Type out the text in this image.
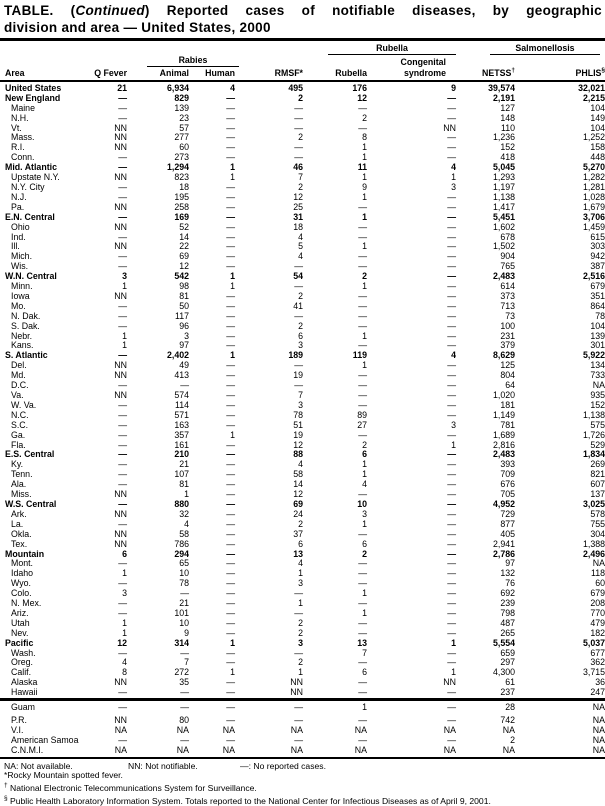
TABLE. (Continued) Reported cases of notifiable diseases, by geographic
division and area — United States, 2000
Area	Q Fever			RMSF*	Rubella		Salmonellosis	

		Rabies				Congenital		
		Animal	Human		Rubella	syndrome	NETSS†	PHLIS§
United States	21	6,934	4	495	176	9	39,574	32,021
New England	—	829	—	2	12	—	2,191	2,215
Maine	—	139	—	—	—	—	127	104
N.H.	—	23	—	—	2	—	148	149
Vt.	NN	57	—	—	—	NN	110	104
Mass.	NN	277	—	2	8	—	1,236	1,252
R.I.	NN	60	—	—	1	—	152	158
Conn.	—	273	—	—	1	—	418	448
Mid. Atlantic	—	1,294	1	46	11	4	5,045	5,270
Upstate N.Y.	NN	823	1	7	1	1	1,293	1,282
N.Y. City	—	18	—	2	9	3	1,197	1,281
N.J.	—	195	—	12	1	—	1,138	1,028
Pa.	NN	258	—	25	—	—	1,417	1,679
E.N. Central	—	169	—	31	1	—	5,451	3,706
Ohio	NN	52	—	18	—	—	1,602	1,459
Ind.	—	14	—	4	—	—	678	615
Ill.	NN	22	—	5	1	—	1,502	303
Mich.	—	69	—	4	—	—	904	942
Wis.	—	12	—	—	—	—	765	387
W.N. Central	3	542	1	54	2	—	2,483	2,516
Minn.	1	98	1	—	1	—	614	679
Iowa	NN	81	—	2	—	—	373	351
Mo.	—	50	—	41	—	—	713	864
N. Dak.	—	117	—	—	—	—	73	78
S. Dak.	—	96	—	2	—	—	100	104
Nebr.	1	3	—	6	1	—	231	139
Kans.	1	97	—	3	—	—	379	301
S. Atlantic	—	2,402	1	189	119	4	8,629	5,922
Del.	NN	49	—	—	1	—	125	134
Md.	NN	413	—	19	—	—	804	733
D.C.	—	—	—	—	—	—	64	NA
Va.	NN	574	—	7	—	—	1,020	935
W. Va.	—	114	—	3	—	—	181	152
N.C.	—	571	—	78	89	—	1,149	1,138
S.C.	—	163	—	51	27	3	781	575
Ga.	—	357	1	19	—	—	1,689	1,726
Fla.	—	161	—	12	2	1	2,816	529
E.S. Central	—	210	—	88	6	—	2,483	1,834
Ky.	—	21	—	4	1	—	393	269
Tenn.	—	107	—	58	1	—	709	821
Ala.	—	81	—	14	4	—	676	607
Miss.	NN	1	—	12	—	—	705	137
W.S. Central	—	880	—	69	10	—	4,952	3,025
Ark.	NN	32	—	24	3	—	729	578
La.	—	4	—	2	1	—	877	755
Okla.	NN	58	—	37	—	—	405	304
Tex.	NN	786	—	6	6	—	2,941	1,388
Mountain	6	294	—	13	2	—	2,786	2,496
Mont.	—	65	—	4	—	—	97	NA
Idaho	1	10	—	1	—	—	132	118
Wyo.	—	78	—	3	—	—	76	60
Colo.	3	—	—	—	1	—	692	679
N. Mex.	—	21	—	1	—	—	239	208
Ariz.	—	101	—	—	1	—	798	770
Utah	1	10	—	2	—	—	487	479
Nev.	1	9	—	2	—	—	265	182
Pacific	12	314	1	3	13	1	5,554	5,037
Wash.	—	—	—	—	7	—	659	677
Oreg.	4	7	—	2	—	—	297	362
Calif.	8	272	1	1	6	1	4,300	3,715
Alaska	NN	35	—	NN	—	NN	61	36
Hawaii	—	—	—	NN	—	—	237	247
Guam	—	—	—	—	1	—	28	NA
P.R.	NN	80	—	—	—	—	742	NA
V.I.	NA	NA	NA	NA	NA	NA	NA	NA
American Samoa	—	—	—	—	—	—	2	NA
C.N.M.I.	NA	NA	NA	NA	NA	NA	NA	NA
NA: Not available.	NN: Not notifiable.	—: No reported cases.
*Rocky Mountain spotted fever.
† National Electronic Telecommunications System for Surveillance.
§ Public Health Laboratory Information System. Totals reported to the National Center for Infectious Diseases as of April 9, 2001.
